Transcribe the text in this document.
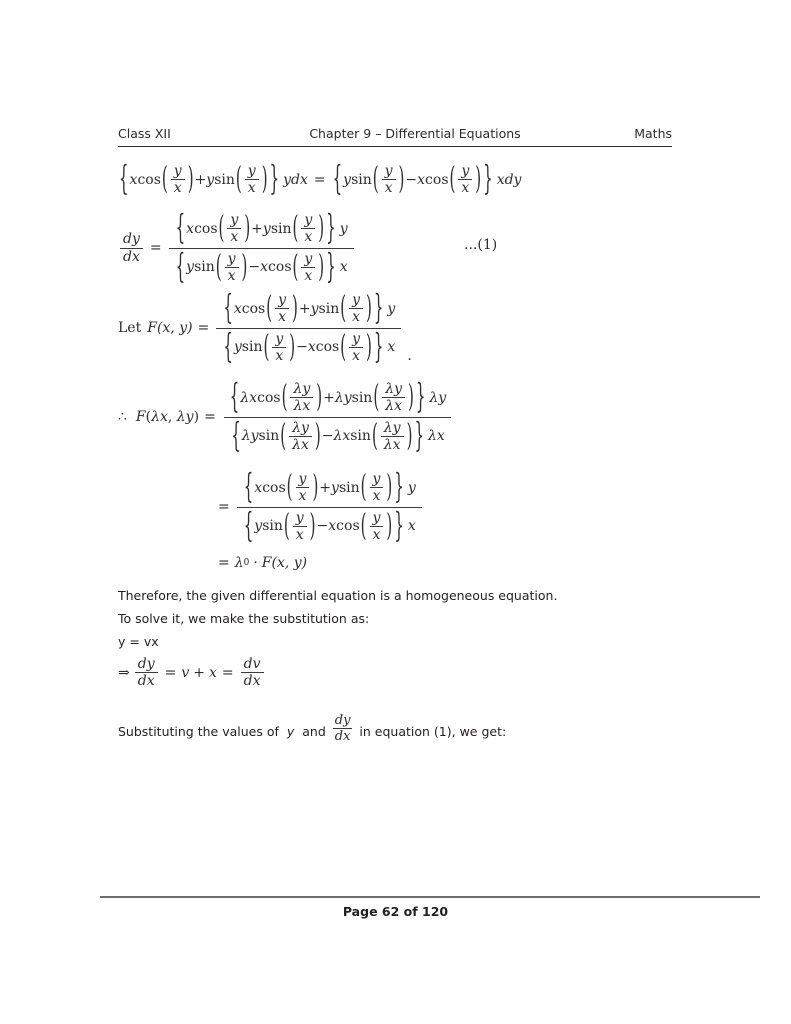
Class XII	Chapter 9 – Differential Equations	Maths
{ x cos ( $\frac{y}{x}$ ) + y sin ( $\frac{y}{x}$ ) } ydx = { y sin ( $\frac{y}{x}$ ) − x cos ( $\frac{y}{x}$ ) } xdy
$\frac{dy}{dx}$ =
{ x cos ( $\frac{y}{x}$ ) + y sin ( $\frac{y}{x}$ ) } y
{ y sin ( $\frac{y}{x}$ ) − x cos ( $\frac{y}{x}$ ) } x
...(1)
Let F (x, y) =
{ x cos ( $\frac{y}{x}$ ) + y sin ( $\frac{y}{x}$ ) } y
{ y sin ( $\frac{y}{x}$ ) − x cos ( $\frac{y}{x}$ ) } x
.
∴ F ( λ x , λ y ) =
{ λ x cos ( $\frac{\lambda y}{\lambda x}$ ) + λ y sin ( $\frac{\lambda y}{\lambda x}$ ) } λy
{ λ y sin ( $\frac{\lambda y}{\lambda x}$ ) − λ x sin ( $\frac{\lambda y}{\lambda x}$ ) } λx
=
{ x cos ( $\frac{y}{x}$ ) + y sin ( $\frac{y}{x}$ ) } y
{ y sin ( $\frac{y}{x}$ ) − x cos ( $\frac{y}{x}$ ) } x
= λ 0 · F (x, y)
Therefore, the given differential equation is a homogeneous equation.
To solve it, we make the substitution as:
y = vx
⇒ $\frac{dy}{dx} = v + x = \frac{dv}{dx}$
Substituting the values of y and $\frac{dy}{dx}$ in equation (1), we get:
Page 62 of 120
